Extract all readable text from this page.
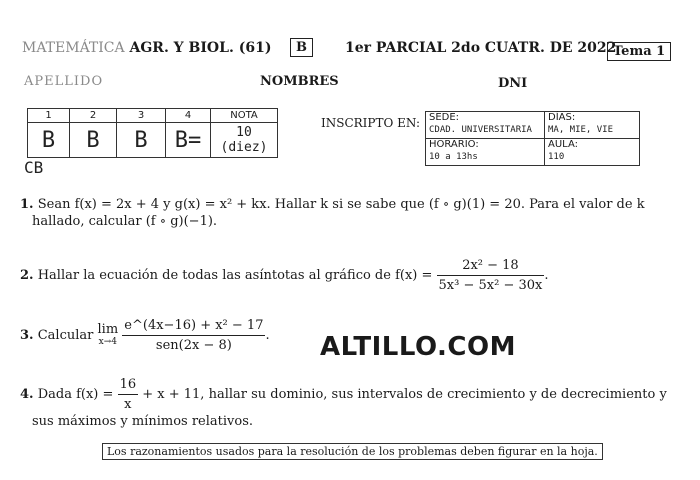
MATEMÁTICA AGR. Y BIOL. (61)	B	1er PARCIAL 2do CUATR. DE 2022
Tema 1
APELLIDO	NOMBRES	DNI
1	2	3	4	NOTA
B	B	B	B=	10 (diez)
CB
INSCRIPTO EN: SEDE:
CDAD. UNIVERSITARIA	DÍAS:
MA, MIE, VIE

HORARIO:
10 a 13hs	AULA:
110
1. Sean f(x) = 2x + 4 y g(x) = x² + kx. Hallar k si se sabe que (f ∘ g)(1) = 20. Para el valor de k
hallado, calcular (f ∘ g)(−1).
2. Hallar la ecuación de todas las asíntotas al gráfico de $f(x) = \frac{\text{2x² − 18}}{\text{5x³ − 5x² − 30x}}$ .
3. Calcular lim
x→4
$\frac{\text{e\textasciicircum{}(4x−16) + x² − 17}}{\text{sen(2x − 8)}}$ . ALTILLO.COM
4. Dada $f(x) = \frac{16}{x} + x + 11$, hallar su dominio, sus intervalos de crecimiento y de decrecimiento y
sus máximos y mínimos relativos.
Los razonamientos usados para la resolución de los problemas deben figurar en la hoja.
